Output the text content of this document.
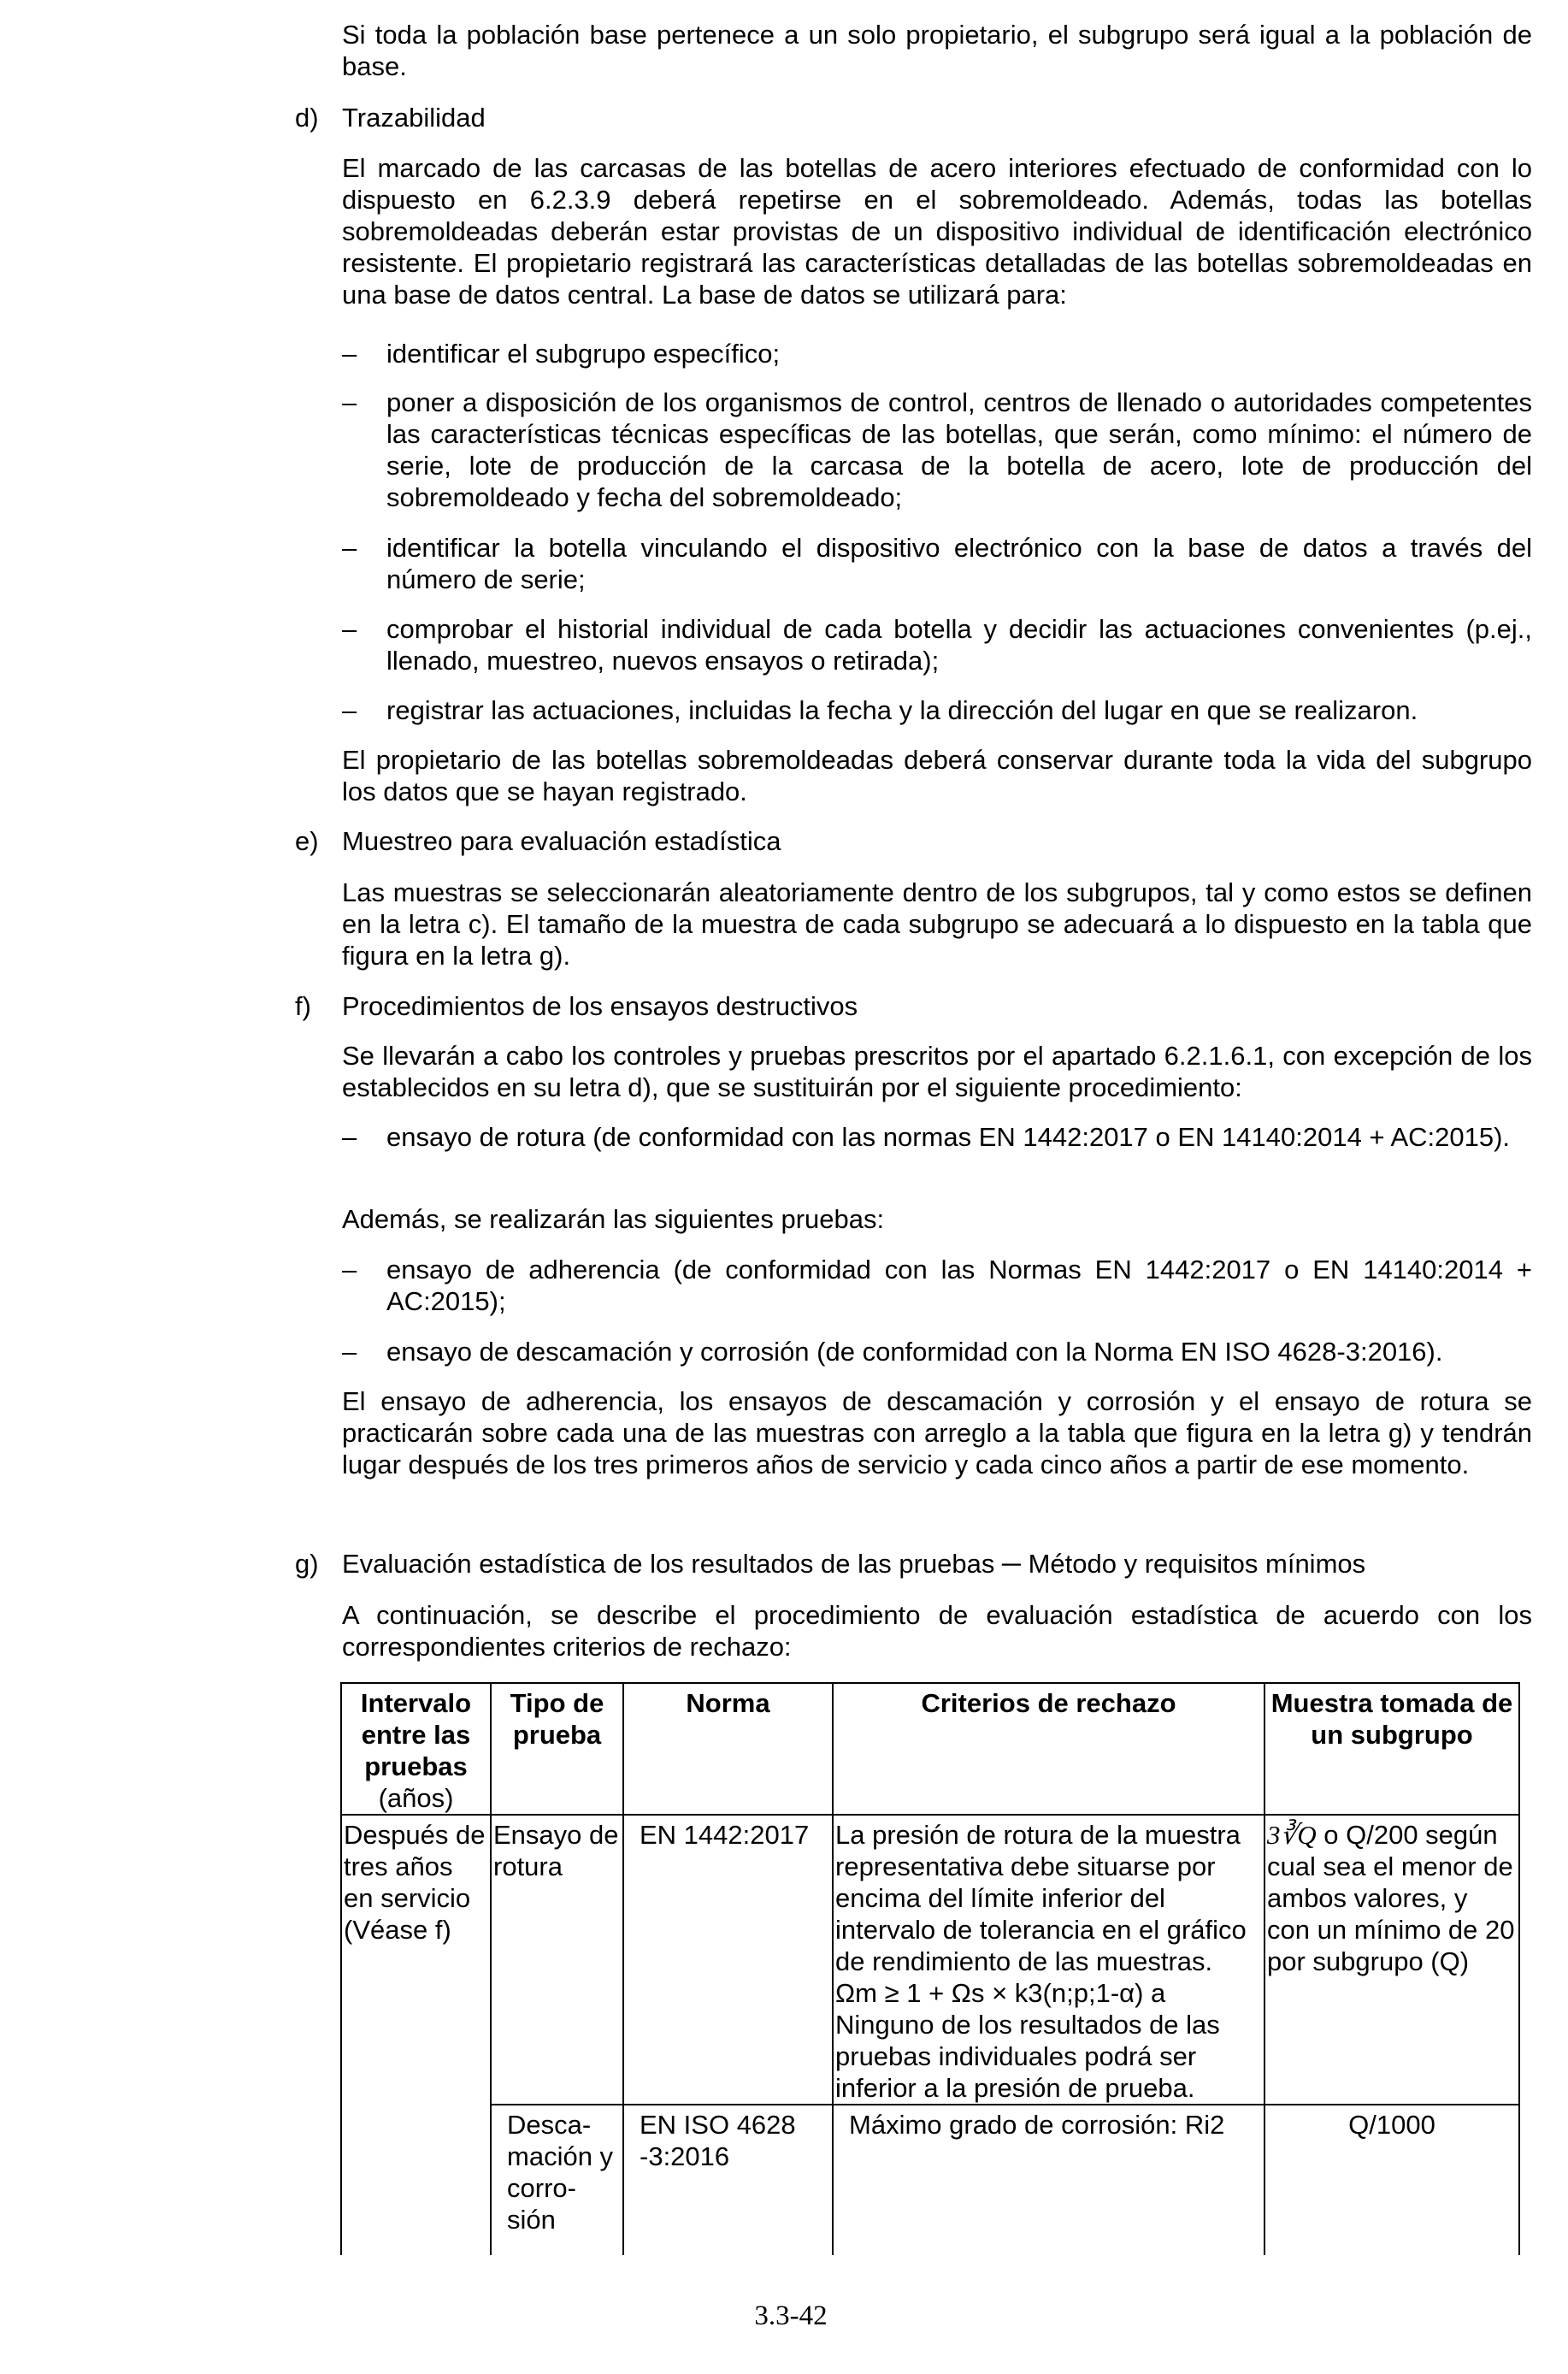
Si toda la población base pertenece a un solo propietario, el subgrupo será igual a la población de base.

d) Trazabilidad

El marcado de las carcasas de las botellas de acero interiores efectuado de conformidad con lo dispuesto en 6.2.3.9 deberá repetirse en el sobremoldeado. Además, todas las botellas sobremoldeadas deberán estar provistas de un dispositivo individual de identificación electrónico resistente. El propietario registrará las características detalladas de las botellas sobremoldeadas en una base de datos central. La base de datos se utilizará para:

– identificar el subgrupo específico;
– poner a disposición de los organismos de control, centros de llenado o autoridades competentes las características técnicas específicas de las botellas, que serán, como mínimo: el número de serie, lote de producción de la carcasa de la botella de acero, lote de producción del sobremoldeado y fecha del sobremoldeado;
– identificar la botella vinculando el dispositivo electrónico con la base de datos a través del número de serie;
– comprobar el historial individual de cada botella y decidir las actuaciones convenientes (p.ej., llenado, muestreo, nuevos ensayos o retirada);
– registrar las actuaciones, incluidas la fecha y la dirección del lugar en que se realizaron.

El propietario de las botellas sobremoldeadas deberá conservar durante toda la vida del subgrupo los datos que se hayan registrado.

e) Muestreo para evaluación estadística

Las muestras se seleccionarán aleatoriamente dentro de los subgrupos, tal y como estos se definen en la letra c). El tamaño de la muestra de cada subgrupo se adecuará a lo dispuesto en la tabla que figura en la letra g).

f) Procedimientos de los ensayos destructivos

Se llevarán a cabo los controles y pruebas prescritos por el apartado 6.2.1.6.1, con excepción de los establecidos en su letra d), que se sustituirán por el siguiente procedimiento:

– ensayo de rotura (de conformidad con las normas EN 1442:2017 o EN 14140:2014 + AC:2015).

Además, se realizarán las siguientes pruebas:

– ensayo de adherencia (de conformidad con las Normas EN 1442:2017 o EN 14140:2014 + AC:2015);
– ensayo de descamación y corrosión (de conformidad con la Norma EN ISO 4628-3:2016).

El ensayo de adherencia, los ensayos de descamación y corrosión y el ensayo de rotura se practicarán sobre cada una de las muestras con arreglo a la tabla que figura en la letra g) y tendrán lugar después de los tres primeros años de servicio y cada cinco años a partir de ese momento.

g) Evaluación estadística de los resultados de las pruebas ─ Método y requisitos mínimos

A continuación, se describe el procedimiento de evaluación estadística de acuerdo con los correspondientes criterios de rechazo:

Intervalo entre las pruebas
(años)	Tipo de prueba	Norma	Criterios de rechazo	Muestra tomada de un subgrupo
Después de tres años en servicio (Véase f)	Ensayo de rotura	EN 1442:2017	La presión de rotura de la muestra representativa debe situarse por encima del límite inferior del intervalo de tolerancia en el gráfico de rendimiento de las muestras.
Ωm ≥ 1 + Ωs × k3(n;p;1-α) a
Ninguno de los resultados de las pruebas individuales podrá ser inferior a la presión de prueba.	3∛Q o Q/200 según cual sea el menor de ambos valores, y con un mínimo de 20 por subgrupo (Q)
	Desca-mación y corro-sión	EN ISO 4628 -3:2016	Máximo grado de corrosión: Ri2	Q/1000
3.3-42
